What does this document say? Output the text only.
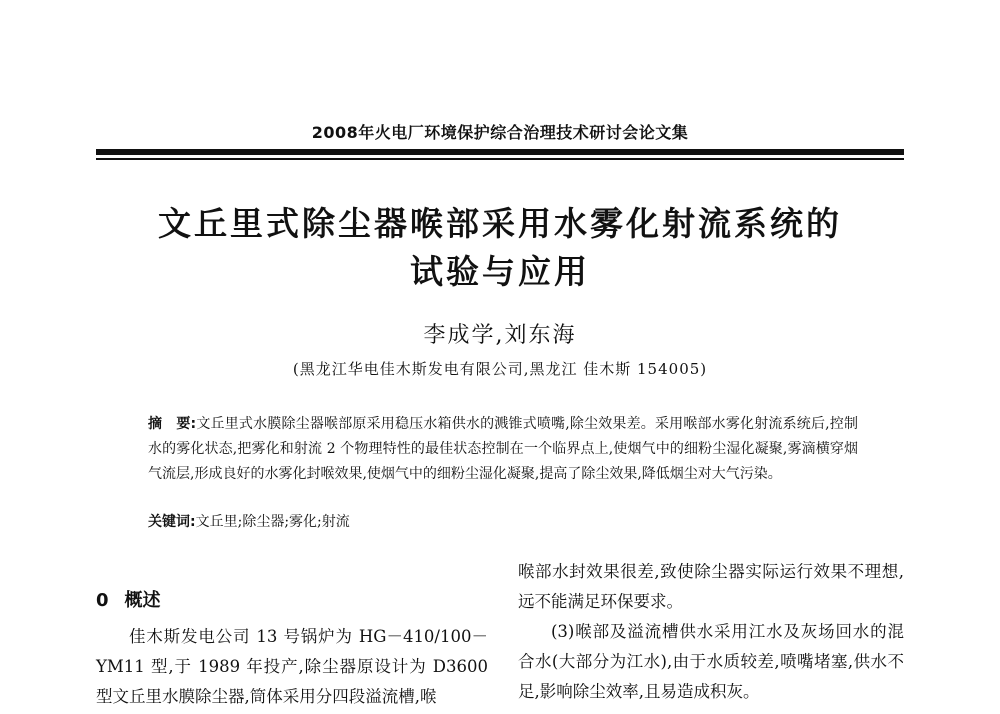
2008年火电厂环境保护综合治理技术研讨会论文集
文丘里式除尘器喉部采用水雾化射流系统的
试验与应用
李成学,刘东海
(黑龙江华电佳木斯发电有限公司,黑龙江 佳木斯 154005)
摘　要:文丘里式水膜除尘器喉部原采用稳压水箱供水的溅锥式喷嘴,除尘效果差。采用喉部水雾化射流系统后,控制水的雾化状态,把雾化和射流 2 个物理特性的最佳状态控制在一个临界点上,使烟气中的细粉尘湿化凝聚,雾滴横穿烟气流层,形成良好的水雾化封喉效果,使烟气中的细粉尘湿化凝聚,提高了除尘效果,降低烟尘对大气污染。
关键词:文丘里;除尘器;雾化;射流
0 概述

佳木斯发电公司 13 号锅炉为 HG－410/100－YM11 型,于 1989 年投产,除尘器原设计为 D3600 型文丘里水膜除尘器,筒体采用分四段溢流槽,喉

喉部水封效果很差,致使除尘器实际运行效果不理想,远不能满足环保要求。

(3)喉部及溢流槽供水采用江水及灰场回水的混合水(大部分为江水),由于水质较差,喷嘴堵塞,供水不足,影响除尘效率,且易造成积灰。
